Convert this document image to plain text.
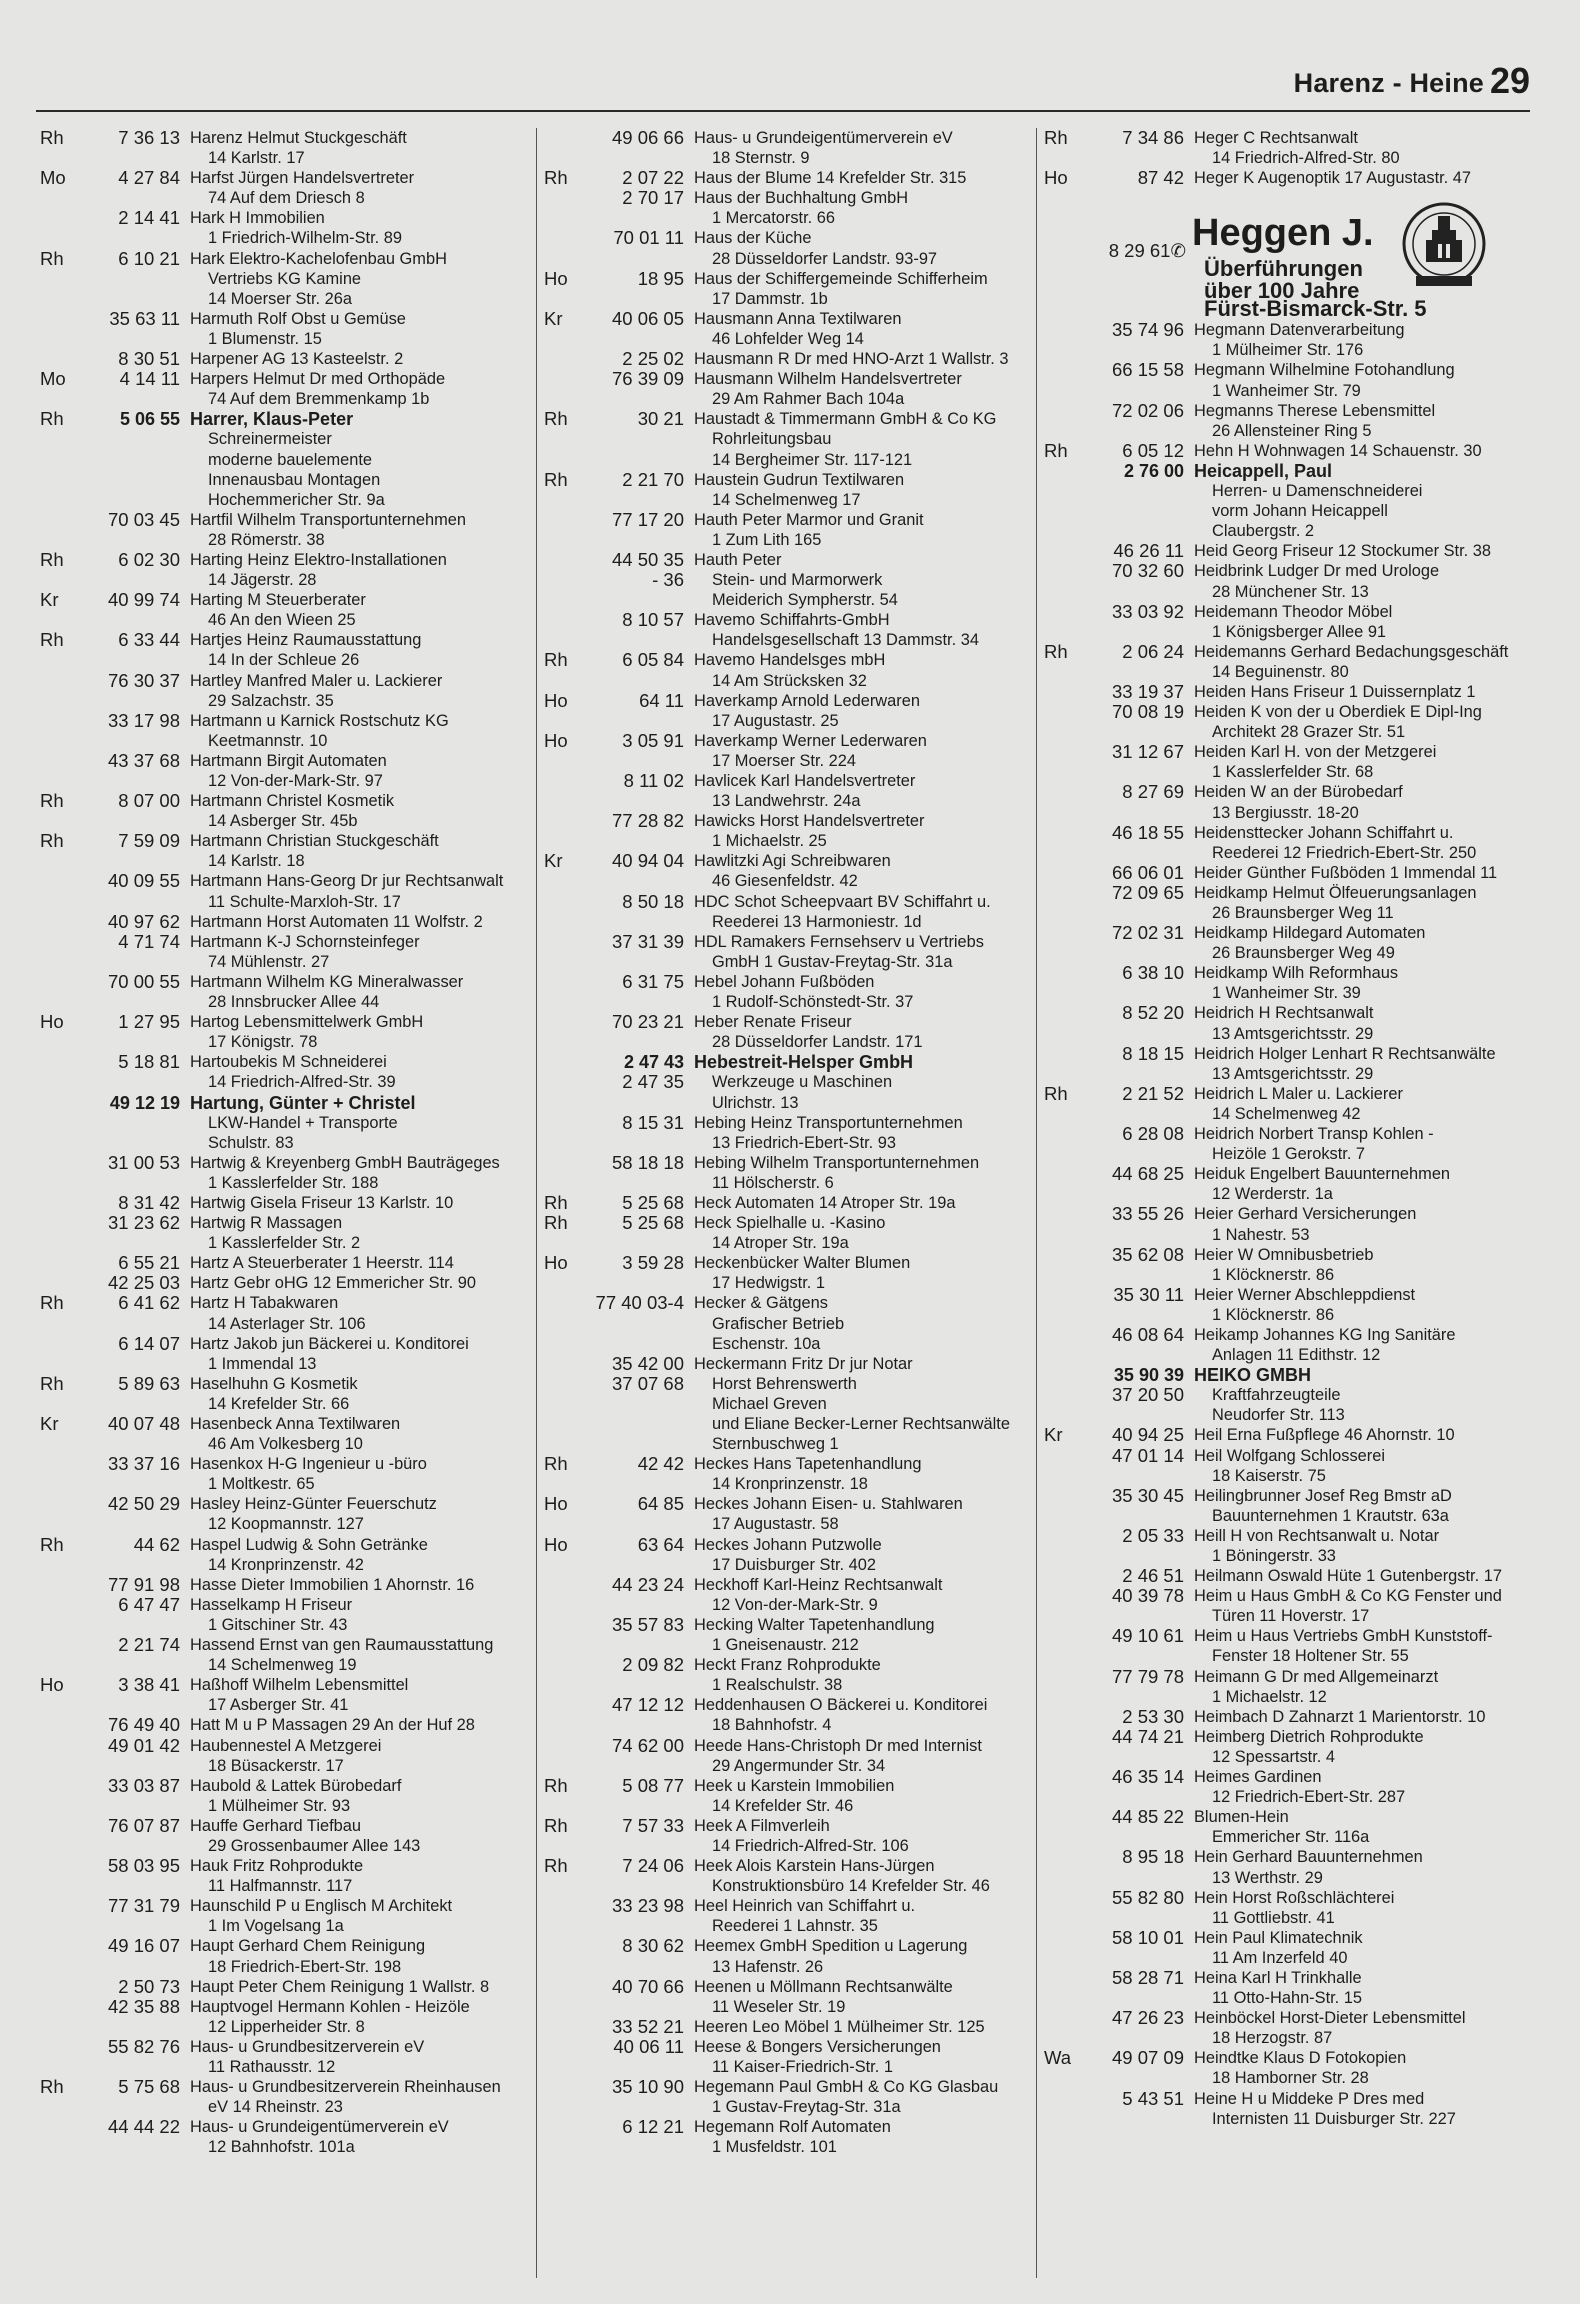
Harenz - Heine 29
Rh	7 36 13 Harenz Helmut Stuckgeschäft
14 Karlstr. 17
Mo	4 27 84 Harfst Jürgen Handelsvertreter
74 Auf dem Driesch 8
2 14 41 Hark H Immobilien
1 Friedrich-Wilhelm-Str. 89
Rh	6 10 21 Hark Elektro-Kachelofenbau GmbH
Vertriebs KG Kamine
14 Moerser Str. 26a
35 63 11 Harmuth Rolf Obst u Gemüse
1 Blumenstr. 15
8 30 51 Harpener AG 13 Kasteelstr. 2
Mo	4 14 11 Harpers Helmut Dr med Orthopäde
74 Auf dem Bremmenkamp 1b
Rh	5 06 55 Harrer, Klaus-Peter
Schreinermeister
moderne bauelemente
Innenausbau Montagen
Hochemmericher Str. 9a
70 03 45 Hartfil Wilhelm Transportunternehmen
28 Römerstr. 38
Rh	6 02 30 Harting Heinz Elektro-Installationen
14 Jägerstr. 28
Kr	40 99 74 Harting M Steuerberater
46 An den Wieen 25
Rh	6 33 44 Hartjes Heinz Raumausstattung
14 In der Schleue 26
76 30 37 Hartley Manfred Maler u. Lackierer
29 Salzachstr. 35
33 17 98 Hartmann u Karnick Rostschutz KG
Keetmannstr. 10
43 37 68 Hartmann Birgit Automaten
12 Von-der-Mark-Str. 97
Rh	8 07 00 Hartmann Christel Kosmetik
14 Asberger Str. 45b
Rh	7 59 09 Hartmann Christian Stuckgeschäft
14 Karlstr. 18
40 09 55 Hartmann Hans-Georg Dr jur Rechtsanwalt
11 Schulte-Marxloh-Str. 17
40 97 62 Hartmann Horst Automaten 11 Wolfstr. 2
4 71 74 Hartmann K-J Schornsteinfeger
74 Mühlenstr. 27
70 00 55 Hartmann Wilhelm KG Mineralwasser
28 Innsbrucker Allee 44
Ho	1 27 95 Hartog Lebensmittelwerk GmbH
17 Königstr. 78
5 18 81 Hartoubekis M Schneiderei
14 Friedrich-Alfred-Str. 39
49 12 19 Hartung, Günter + Christel
LKW-Handel + Transporte
Schulstr. 83
31 00 53 Hartwig & Kreyenberg GmbH Bauträgeges
1 Kasslerfelder Str. 188
8 31 42 Hartwig Gisela Friseur 13 Karlstr. 10
31 23 62 Hartwig R Massagen
1 Kasslerfelder Str. 2
6 55 21 Hartz A Steuerberater 1 Heerstr. 114
42 25 03 Hartz Gebr oHG 12 Emmericher Str. 90
Rh	6 41 62 Hartz H Tabakwaren
14 Asterlager Str. 106
6 14 07 Hartz Jakob jun Bäckerei u. Konditorei
1 Immendal 13
Rh	5 89 63 Haselhuhn G Kosmetik
14 Krefelder Str. 66
Kr	40 07 48 Hasenbeck Anna Textilwaren
46 Am Volkesberg 10
33 37 16 Hasenkox H-G Ingenieur u -büro
1 Moltkestr. 65
42 50 29 Hasley Heinz-Günter Feuerschutz
12 Koopmannstr. 127
Rh	44 62 Haspel Ludwig & Sohn Getränke
14 Kronprinzenstr. 42
77 91 98 Hasse Dieter Immobilien 1 Ahornstr. 16
6 47 47 Hasselkamp H Friseur
1 Gitschiner Str. 43
2 21 74 Hassend Ernst van gen Raumausstattung
14 Schelmenweg 19
Ho	3 38 41 Haßhoff Wilhelm Lebensmittel
17 Asberger Str. 41
76 49 40 Hatt M u P Massagen 29 An der Huf 28
49 01 42 Haubennestel A Metzgerei
18 Büsackerstr. 17
33 03 87 Haubold & Lattek Bürobedarf
1 Mülheimer Str. 93
76 07 87 Hauffe Gerhard Tiefbau
29 Grossenbaumer Allee 143
58 03 95 Hauk Fritz Rohprodukte
11 Halfmannstr. 117
77 31 79 Haunschild P u Englisch M Architekt
1 Im Vogelsang 1a
49 16 07 Haupt Gerhard Chem Reinigung
18 Friedrich-Ebert-Str. 198
2 50 73 Haupt Peter Chem Reinigung 1 Wallstr. 8
42 35 88 Hauptvogel Hermann Kohlen - Heizöle
12 Lipperheider Str. 8
55 82 76 Haus- u Grundbesitzerverein eV
11 Rathausstr. 12
Rh	5 75 68 Haus- u Grundbesitzerverein Rheinhausen
eV 14 Rheinstr. 23
44 44 22 Haus- u Grundeigentümerverein eV
12 Bahnhofstr. 101a
49 06 66 Haus- u Grundeigentümerverein eV
18 Sternstr. 9
Rh	2 07 22 Haus der Blume 14 Krefelder Str. 315
2 70 17 Haus der Buchhaltung GmbH
1 Mercatorstr. 66
70 01 11 Haus der Küche
28 Düsseldorfer Landstr. 93-97
Ho	18 95 Haus der Schiffergemeinde Schifferheim
17 Dammstr. 1b
Kr	40 06 05 Hausmann Anna Textilwaren
46 Lohfelder Weg 14
2 25 02 Hausmann R Dr med HNO-Arzt 1 Wallstr. 3
76 39 09 Hausmann Wilhelm Handelsvertreter
29 Am Rahmer Bach 104a
Rh	30 21 Haustadt & Timmermann GmbH & Co KG
Rohrleitungsbau
14 Bergheimer Str. 117-121
Rh	2 21 70 Haustein Gudrun Textilwaren
14 Schelmenweg 17
77 17 20 Hauth Peter Marmor und Granit
1 Zum Lith 165
44 50 35 Hauth Peter
- 36 Stein- und Marmorwerk
Meiderich Sympherstr. 54
8 10 57 Havemo Schiffahrts-GmbH
Handelsgesellschaft 13 Dammstr. 34
Rh	6 05 84 Havemo Handelsges mbH
14 Am Strücksken 32
Ho	64 11 Haverkamp Arnold Lederwaren
17 Augustastr. 25
Ho	3 05 91 Haverkamp Werner Lederwaren
17 Moerser Str. 224
8 11 02 Havlicek Karl Handelsvertreter
13 Landwehrstr. 24a
77 28 82 Hawicks Horst Handelsvertreter
1 Michaelstr. 25
Kr	40 94 04 Hawlitzki Agi Schreibwaren
46 Giesenfeldstr. 42
8 50 18 HDC Schot Scheepvaart BV Schiffahrt u.
Reederei 13 Harmoniestr. 1d
37 31 39 HDL Ramakers Fernsehserv u Vertriebs
GmbH 1 Gustav-Freytag-Str. 31a
6 31 75 Hebel Johann Fußböden
1 Rudolf-Schönstedt-Str. 37
70 23 21 Heber Renate Friseur
28 Düsseldorfer Landstr. 171
2 47 43 Hebestreit-Helsper GmbH
2 47 35 Werkzeuge u Maschinen
Ulrichstr. 13
8 15 31 Hebing Heinz Transportunternehmen
13 Friedrich-Ebert-Str. 93
58 18 18 Hebing Wilhelm Transportunternehmen
11 Hölscherstr. 6
Rh	5 25 68 Heck Automaten 14 Atroper Str. 19a
Rh	5 25 68 Heck Spielhalle u. -Kasino
14 Atroper Str. 19a
Ho	3 59 28 Heckenbücker Walter Blumen
17 Hedwigstr. 1
77 40 03-4 Hecker & Gätgens
Grafischer Betrieb
Eschenstr. 10a
35 42 00 Heckermann Fritz Dr jur Notar
37 07 68 Horst Behrenswerth
Michael Greven
und Eliane Becker-Lerner Rechtsanwälte
Sternbuschweg 1
Rh	42 42 Heckes Hans Tapetenhandlung
14 Kronprinzenstr. 18
Ho	64 85 Heckes Johann Eisen- u. Stahlwaren
17 Augustastr. 58
Ho	63 64 Heckes Johann Putzwolle
17 Duisburger Str. 402
44 23 24 Heckhoff Karl-Heinz Rechtsanwalt
12 Von-der-Mark-Str. 9
35 57 83 Hecking Walter Tapetenhandlung
1 Gneisenaustr. 212
2 09 82 Heckt Franz Rohprodukte
1 Realschulstr. 38
47 12 12 Heddenhausen O Bäckerei u. Konditorei
18 Bahnhofstr. 4
74 62 00 Heede Hans-Christoph Dr med Internist
29 Angermunder Str. 34
Rh	5 08 77 Heek u Karstein Immobilien
14 Krefelder Str. 46
Rh	7 57 33 Heek A Filmverleih
14 Friedrich-Alfred-Str. 106
Rh	7 24 06 Heek Alois Karstein Hans-Jürgen
Konstruktionsbüro 14 Krefelder Str. 46
33 23 98 Heel Heinrich van Schiffahrt u.
Reederei 1 Lahnstr. 35
8 30 62 Heemex GmbH Spedition u Lagerung
13 Hafenstr. 26
40 70 66 Heenen u Möllmann Rechtsanwälte
11 Weseler Str. 19
33 52 21 Heeren Leo Möbel 1 Mülheimer Str. 125
40 06 11 Heese & Bongers Versicherungen
11 Kaiser-Friedrich-Str. 1
35 10 90 Hegemann Paul GmbH & Co KG Glasbau
1 Gustav-Freytag-Str. 31a
6 12 21 Hegemann Rolf Automaten
1 Musfeldstr. 101
Rh	7 34 86 Heger C Rechtsanwalt
14 Friedrich-Alfred-Str. 80
Ho	87 42 Heger K Augenoptik 17 Augustastr. 47
8 29 61✆ Heggen J.
Überführungen
über 100 Jahre
Fürst-Bismarck-Str. 5
35 74 96 Hegmann Datenverarbeitung
1 Mülheimer Str. 176
66 15 58 Hegmann Wilhelmine Fotohandlung
1 Wanheimer Str. 79
72 02 06 Hegmanns Therese Lebensmittel
26 Allensteiner Ring 5
Rh	6 05 12 Hehn H Wohnwagen 14 Schauenstr. 30
2 76 00 Heicappell, Paul
Herren- u Damenschneiderei
vorm Johann Heicappell
Claubergstr. 2
46 26 11 Heid Georg Friseur 12 Stockumer Str. 38
70 32 60 Heidbrink Ludger Dr med Urologe
28 Münchener Str. 13
33 03 92 Heidemann Theodor Möbel
1 Königsberger Allee 91
Rh	2 06 24 Heidemanns Gerhard Bedachungsgeschäft
14 Beguinenstr. 80
33 19 37 Heiden Hans Friseur 1 Duissernplatz 1
70 08 19 Heiden K von der u Oberdiek E Dipl-Ing
Architekt 28 Grazer Str. 51
31 12 67 Heiden Karl H. von der Metzgerei
1 Kasslerfelder Str. 68
8 27 69 Heiden W an der Bürobedarf
13 Bergiusstr. 18-20
46 18 55 Heidensttecker Johann Schiffahrt u.
Reederei 12 Friedrich-Ebert-Str. 250
66 06 01 Heider Günther Fußböden 1 Immendal 11
72 09 65 Heidkamp Helmut Ölfeuerungsanlagen
26 Braunsberger Weg 11
72 02 31 Heidkamp Hildegard Automaten
26 Braunsberger Weg 49
6 38 10 Heidkamp Wilh Reformhaus
1 Wanheimer Str. 39
8 52 20 Heidrich H Rechtsanwalt
13 Amtsgerichtsstr. 29
8 18 15 Heidrich Holger Lenhart R Rechtsanwälte
13 Amtsgerichtsstr. 29
Rh	2 21 52 Heidrich L Maler u. Lackierer
14 Schelmenweg 42
6 28 08 Heidrich Norbert Transp Kohlen -
Heizöle 1 Gerokstr. 7
44 68 25 Heiduk Engelbert Bauunternehmen
12 Werderstr. 1a
33 55 26 Heier Gerhard Versicherungen
1 Nahestr. 53
35 62 08 Heier W Omnibusbetrieb
1 Klöcknerstr. 86
35 30 11 Heier Werner Abschleppdienst
1 Klöcknerstr. 86
46 08 64 Heikamp Johannes KG Ing Sanitäre
Anlagen 11 Edithstr. 12
35 90 39 HEIKO GMBH
37 20 50 Kraftfahrzeugteile
Neudorfer Str. 113
Kr	40 94 25 Heil Erna Fußpflege 46 Ahornstr. 10
47 01 14 Heil Wolfgang Schlosserei
18 Kaiserstr. 75
35 30 45 Heilingbrunner Josef Reg Bmstr aD
Bauunternehmen 1 Krautstr. 63a
2 05 33 Heill H von Rechtsanwalt u. Notar
1 Böningerstr. 33
2 46 51 Heilmann Oswald Hüte 1 Gutenbergstr. 17
40 39 78 Heim u Haus GmbH & Co KG Fenster und
Türen 11 Hoverstr. 17
49 10 61 Heim u Haus Vertriebs GmbH Kunststoff-
Fenster 18 Holtener Str. 55
77 79 78 Heimann G Dr med Allgemeinarzt
1 Michaelstr. 12
2 53 30 Heimbach D Zahnarzt 1 Marientorstr. 10
44 74 21 Heimberg Dietrich Rohprodukte
12 Spessartstr. 4
46 35 14 Heimes Gardinen
12 Friedrich-Ebert-Str. 287
44 85 22 Blumen-Hein
Emmericher Str. 116a
8 95 18 Hein Gerhard Bauunternehmen
13 Werthstr. 29
55 82 80 Hein Horst Roßschlächterei
11 Gottliebstr. 41
58 10 01 Hein Paul Klimatechnik
11 Am Inzerfeld 40
58 28 71 Heina Karl H Trinkhalle
11 Otto-Hahn-Str. 15
47 26 23 Heinböckel Horst-Dieter Lebensmittel
18 Herzogstr. 87
Wa	49 07 09 Heindtke Klaus D Fotokopien
18 Hamborner Str. 28
5 43 51 Heine H u Middeke P Dres med
Internisten 11 Duisburger Str. 227
